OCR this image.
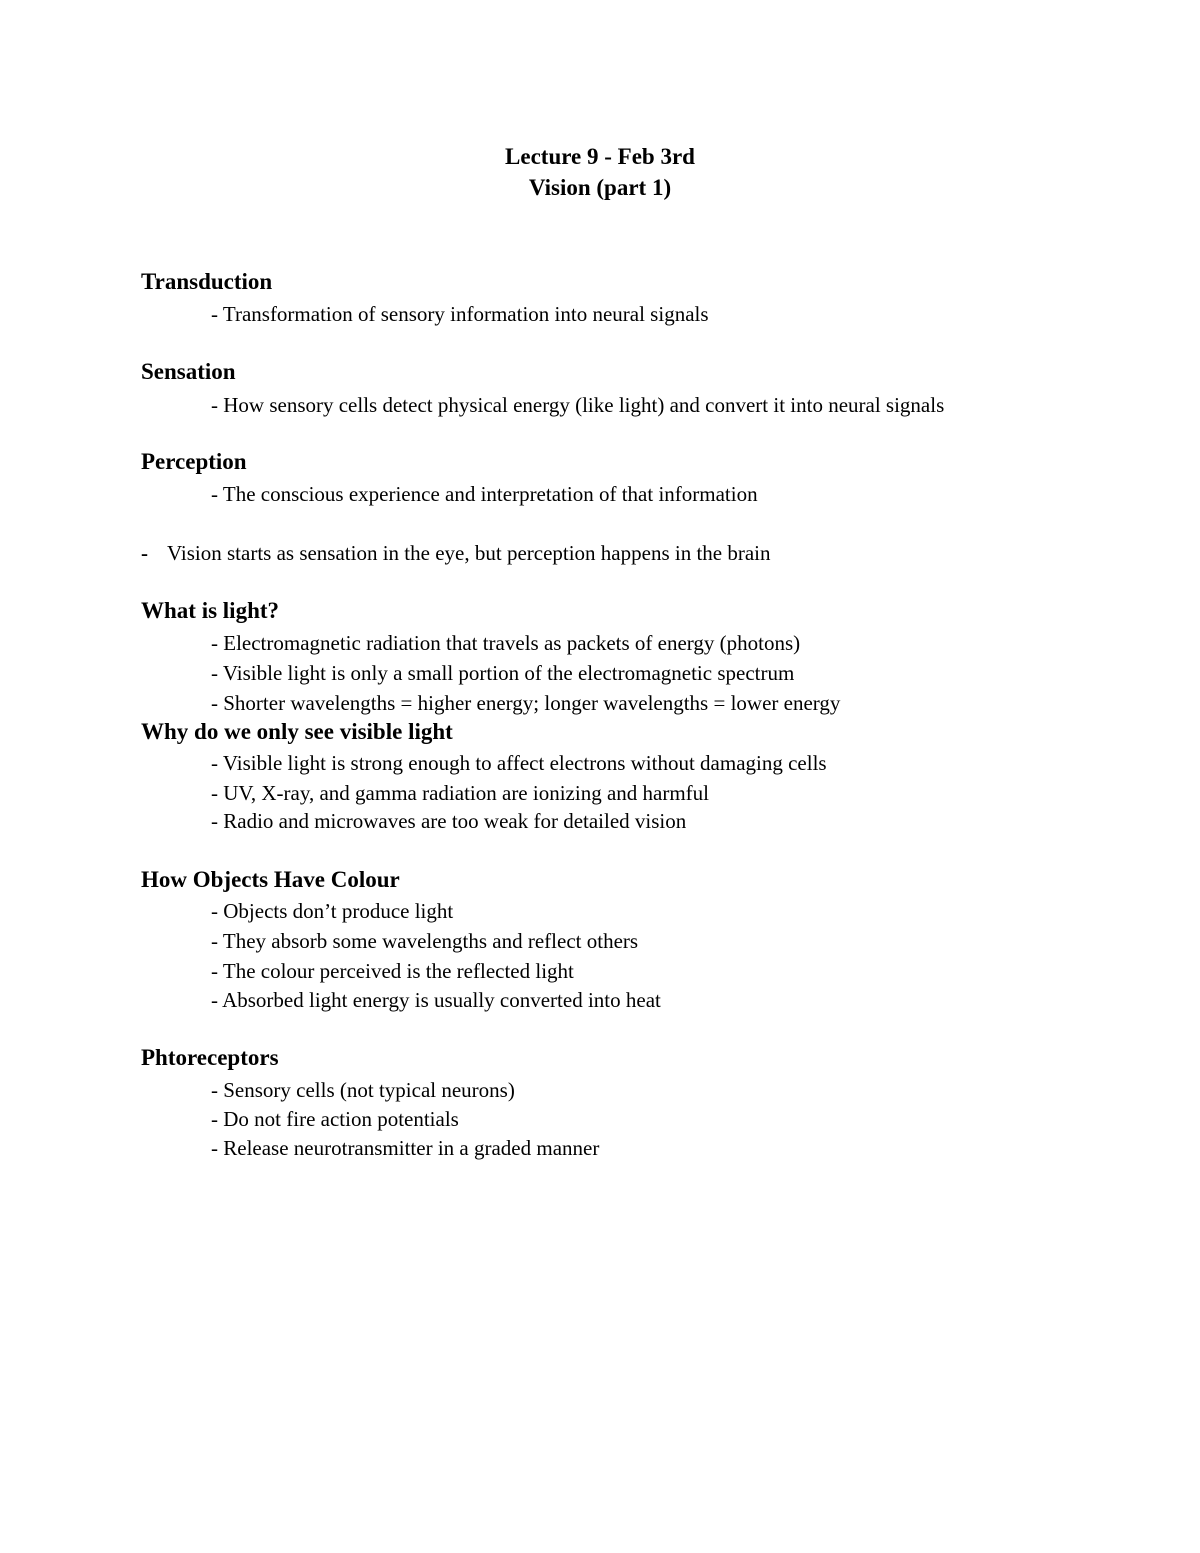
Lecture 9 - Feb 3rd
Vision (part 1)
Transduction
- Transformation of sensory information into neural signals
Sensation
- How sensory cells detect physical energy (like light) and convert it into neural signals
Perception
- The conscious experience and interpretation of that information
- Vision starts as sensation in the eye, but perception happens in the brain
What is light?
- Electromagnetic radiation that travels as packets of energy (photons)
- Visible light is only a small portion of the electromagnetic spectrum
- Shorter wavelengths = higher energy; longer wavelengths = lower energy
Why do we only see visible light
- Visible light is strong enough to affect electrons without damaging cells
- UV, X-ray, and gamma radiation are ionizing and harmful
- Radio and microwaves are too weak for detailed vision
How Objects Have Colour
- Objects don’t produce light
- They absorb some wavelengths and reflect others
- The colour perceived is the reflected light
- Absorbed light energy is usually converted into heat
Phtoreceptors
- Sensory cells (not typical neurons)
- Do not fire action potentials
- Release neurotransmitter in a graded manner
